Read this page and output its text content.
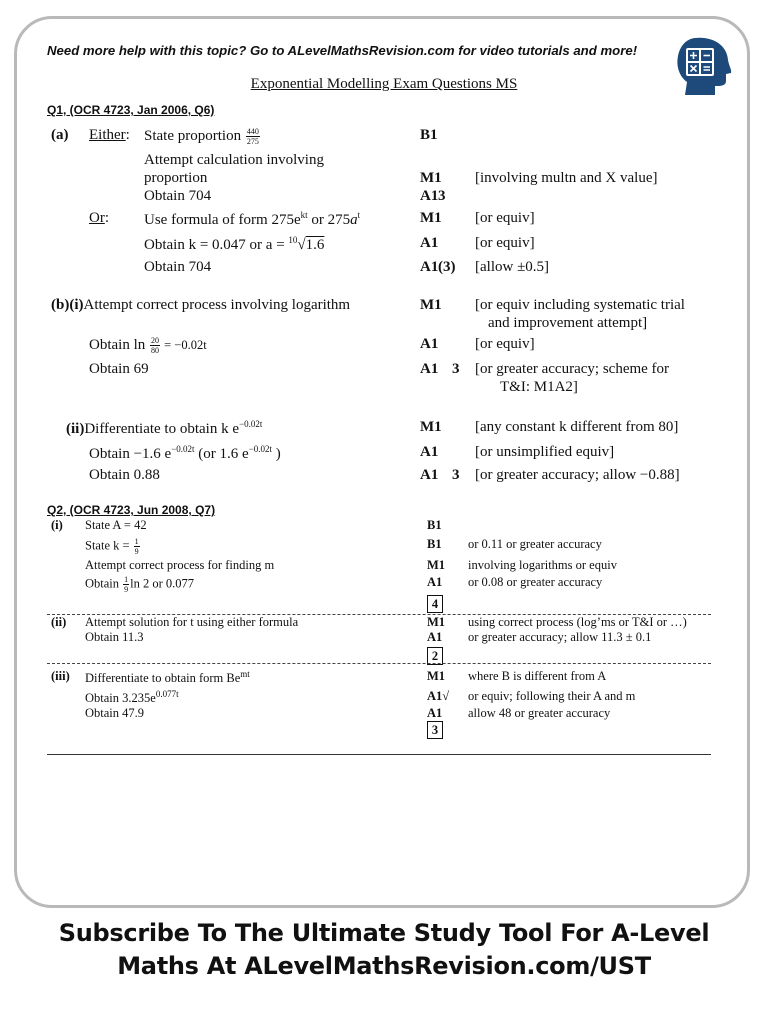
Need more help with this topic? Go to ALevelMathsRevision.com for video tutorials and more!
Exponential Modelling Exam Questions MS
Q1, (OCR 4723, Jan 2006, Q6)
(a) Either: State proportion $\frac{440}{275}$	B1
Attempt calculation involving
proportion	M1 [involving multn and X value]
Obtain 704	A1 3
Or: Use formula of form $275e^{kt}$ or $275a^t$	M1 [or equiv]
Obtain k = 0.047 or a = $^{10}$√1.6	A1 [or equiv]
Obtain 704	A1 (3) [allow ±0.5]
(b)(i)Attempt correct process involving logarithm	M1 [or equiv including systematic trial
and improvement attempt]
Obtain $\ln \frac{20}{80} = -0.02t$	A1 [or equiv]
Obtain 69	A1 3 [or greater accuracy; scheme for
T&I: M1A2]
(ii)Differentiate to obtain k $e^{-0.02t}$	M1 [any constant k different from 80]
Obtain −1.6 $e^{-0.02t}$ (or 1.6 $e^{-0.02t}$ )	A1 [or unsimplified equiv]
Obtain 0.88	A1 3 [or greater accuracy; allow −0.88]
Q2, (OCR 4723, Jun 2008, Q7)
(i) State A = 42	B1
State $k = \frac{1}{9}$	B1 or 0.11 or greater accuracy
Attempt correct process for finding m	M1 involving logarithms or equiv
Obtain $\frac{1}{9}$ ln 2 or 0.077	A1 or 0.08 or greater accuracy
4
(ii) Attempt solution for t using either formula	M1 using correct process (log’ms or T&I or …)
Obtain 11.3	A1 or greater accuracy; allow 11.3 ± 0.1
2
(iii) Differentiate to obtain form $Be^{mt}$	M1 where B is different from A
Obtain $3.235e^{0.077t}$	A1√ or equiv; following their A and m
Obtain 47.9	A1 allow 48 or greater accuracy
3
Subscribe To The Ultimate Study Tool For A-Level
Maths At ALevelMathsRevision.com/UST
